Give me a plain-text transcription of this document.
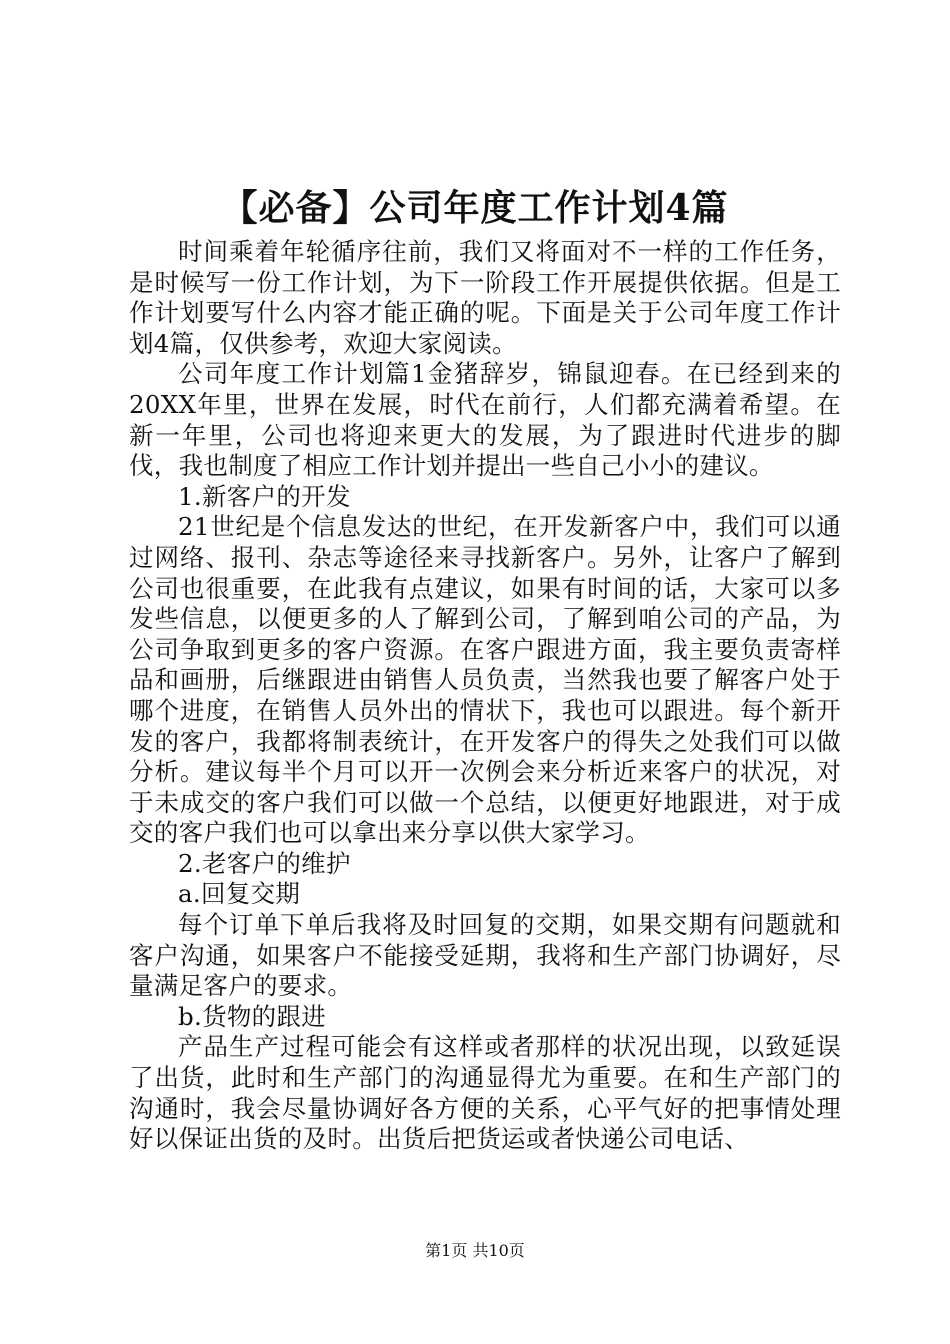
【必备】公司年度工作计划4篇

时间乘着年轮循序往前，我们又将面对不一样的工作任务，是时候写一份工作计划，为下一阶段工作开展提供依据。但是工作计划要写什么内容才能正确的呢。下面是关于公司年度工作计划4篇，仅供参考，欢迎大家阅读。

公司年度工作计划篇1金猪辞岁，锦鼠迎春。在已经到来的20XX年里，世界在发展，时代在前行，人们都充满着希望。在新一年里，公司也将迎来更大的发展，为了跟进时代进步的脚伐，我也制度了相应工作计划并提出一些自己小小的建议。

1.新客户的开发

21世纪是个信息发达的世纪，在开发新客户中，我们可以通过网络、报刊、杂志等途径来寻找新客户。另外，让客户了解到公司也很重要，在此我有点建议，如果有时间的话，大家可以多发些信息，以便更多的人了解到公司，了解到咱公司的产品，为公司争取到更多的客户资源。在客户跟进方面，我主要负责寄样品和画册，后继跟进由销售人员负责，当然我也要了解客户处于哪个进度，在销售人员外出的情状下，我也可以跟进。每个新开发的客户，我都将制表统计，在开发客户的得失之处我们可以做分析。建议每半个月可以开一次例会来分析近来客户的状况，对于未成交的客户我们可以做一个总结，以便更好地跟进，对于成交的客户我们也可以拿出来分享以供大家学习。

2.老客户的维护

a.回复交期

每个订单下单后我将及时回复的交期，如果交期有问题就和客户沟通，如果客户不能接受延期，我将和生产部门协调好，尽量满足客户的要求。

b.货物的跟进

产品生产过程可能会有这样或者那样的状况出现，以致延误了出货，此时和生产部门的沟通显得尤为重要。在和生产部门的沟通时，我会尽量协调好各方便的关系，心平气好的把事情处理好以保证出货的及时。出货后把货运或者快递公司电话、

第1页 共10页
